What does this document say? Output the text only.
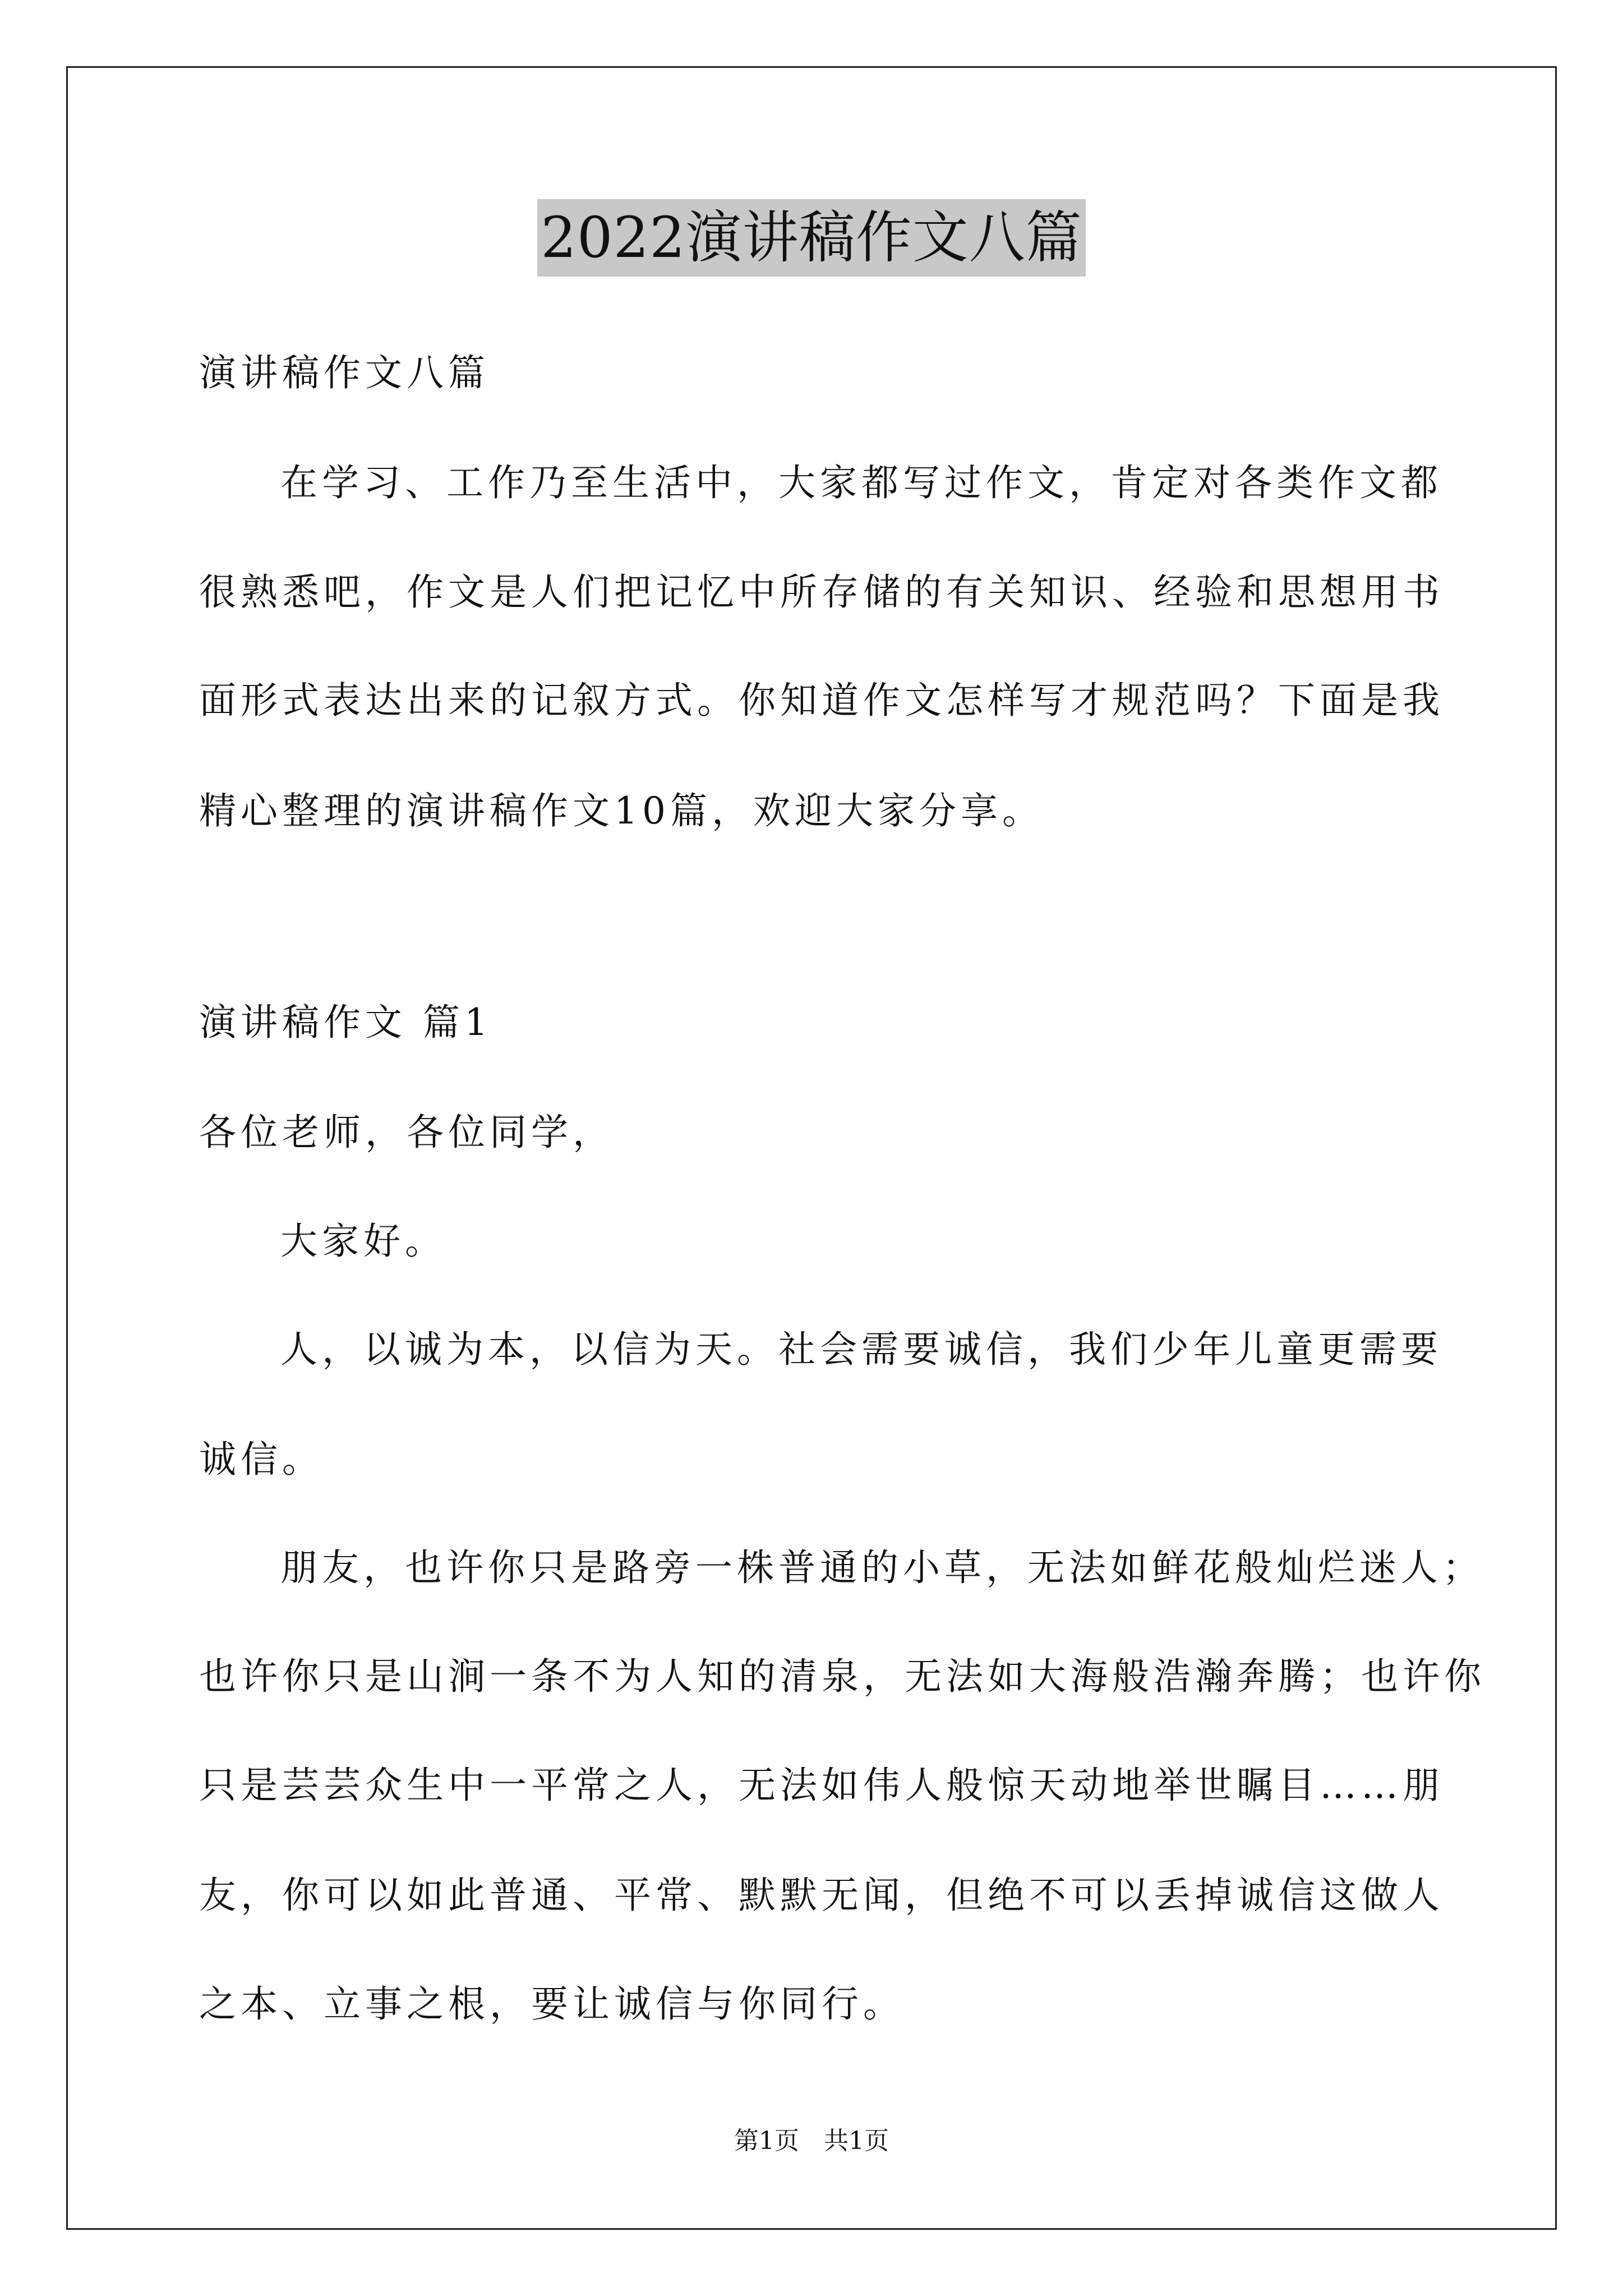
2022演讲稿作文八篇
演讲稿作文八篇
在学习、工作乃至生活中，大家都写过作文，肯定对各类作文都
很熟悉吧，作文是人们把记忆中所存储的有关知识、经验和思想用书
面形式表达出来的记叙方式。你知道作文怎样写才规范吗？下面是我
精心整理的演讲稿作文10篇，欢迎大家分享。
演讲稿作文 篇1
各位老师，各位同学，
大家好。
人，以诚为本，以信为天。社会需要诚信，我们少年儿童更需要
诚信。
朋友，也许你只是路旁一株普通的小草，无法如鲜花般灿烂迷人；
也许你只是山涧一条不为人知的清泉，无法如大海般浩瀚奔腾；也许你
只是芸芸众生中一平常之人，无法如伟人般惊天动地举世瞩目……朋
友，你可以如此普通、平常、默默无闻，但绝不可以丢掉诚信这做人
之本、立事之根，要让诚信与你同行。
第1页　共1页
